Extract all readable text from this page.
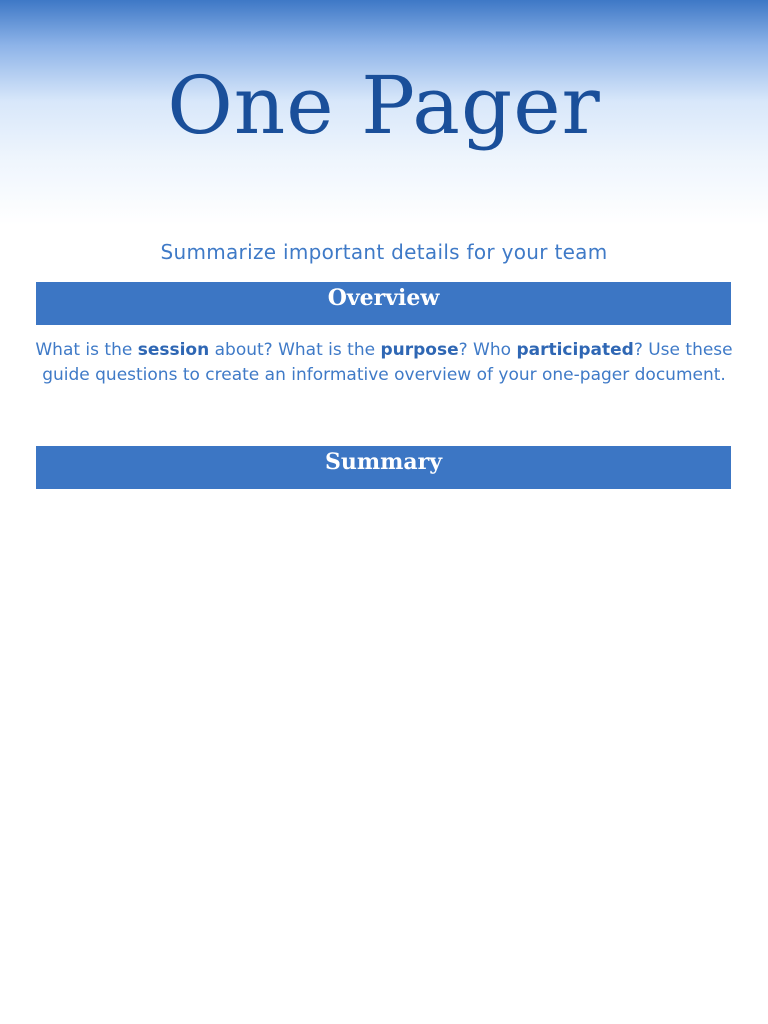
One Pager
Summarize important details for your team
Overview
What is the session about? What is the purpose? Who participated? Use these guide questions to create an informative overview of your one-pager document.
Summary
